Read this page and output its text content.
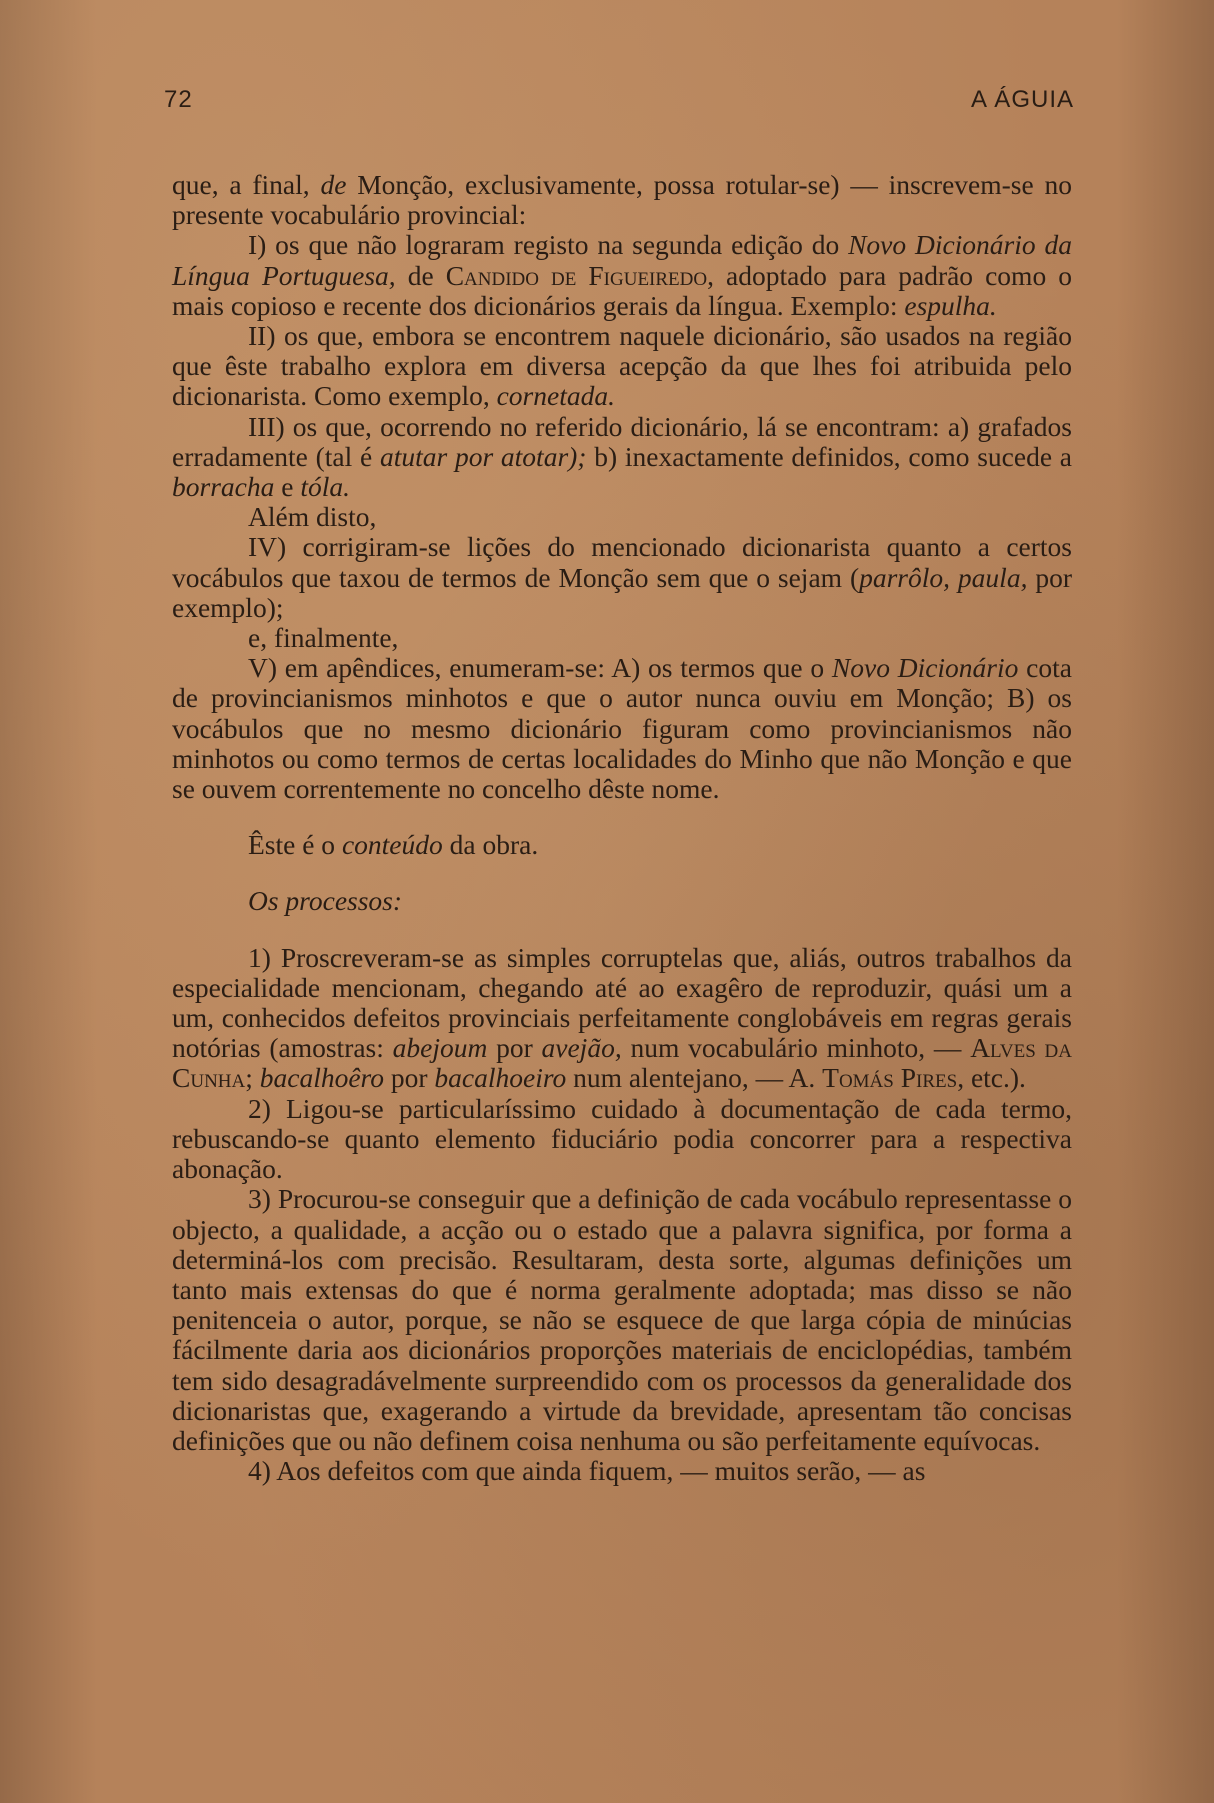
72	A ÁGUIA

que, a final, de Monção, exclusivamente, possa rotular-se) — inscrevem-se no presente vocabulário provincial:

I) os que não lograram registo na segunda edição do Novo Dicionário da Língua Portuguesa, de Candido de Figueiredo, adoptado para padrão como o mais copioso e recente dos dicionários gerais da língua. Exemplo: espulha.

II) os que, embora se encontrem naquele dicionário, são usados na região que êste trabalho explora em diversa acepção da que lhes foi atribuida pelo dicionarista. Como exemplo, cornetada.

III) os que, ocorrendo no referido dicionário, lá se encontram: a) grafados erradamente (tal é atutar por atotar); b) inexactamente definidos, como sucede a borracha e tóla.

Além disto,

IV) corrigiram-se lições do mencionado dicionarista quanto a certos vocábulos que taxou de termos de Monção sem que o sejam (parrôlo, paula, por exemplo);

e, finalmente,

V) em apêndices, enumeram-se: A) os termos que o Novo Dicionário cota de provincianismos minhotos e que o autor nunca ouviu em Monção; B) os vocábulos que no mesmo dicionário figuram como provincianismos não minhotos ou como termos de certas localidades do Minho que não Monção e que se ouvem correntemente no concelho dêste nome.

Êste é o conteúdo da obra.

Os processos:

1) Proscreveram-se as simples corruptelas que, aliás, outros trabalhos da especialidade mencionam, chegando até ao exagêro de reproduzir, quási um a um, conhecidos defeitos provinciais perfeitamente conglobáveis em regras gerais notórias (amostras: abejoum por avejão, num vocabulário minhoto, — Alves da Cunha; bacalhoêro por bacalhoeiro num alentejano, — A. Tomás Pires, etc.).

2) Ligou-se particularíssimo cuidado à documentação de cada termo, rebuscando-se quanto elemento fiduciário podia concorrer para a respectiva abonação.

3) Procurou-se conseguir que a definição de cada vocábulo representasse o objecto, a qualidade, a acção ou o estado que a palavra significa, por forma a determiná-los com precisão. Resultaram, desta sorte, algumas definições um tanto mais extensas do que é norma geralmente adoptada; mas disso se não penitenceia o autor, porque, se não se esquece de que larga cópia de minúcias fácilmente daria aos dicionários proporções materiais de enciclopédias, também tem sido desagradávelmente surpreendido com os processos da generalidade dos dicionaristas que, exagerando a virtude da brevidade, apresentam tão concisas definições que ou não definem coisa nenhuma ou são perfeitamente equívocas.

4) Aos defeitos com que ainda fiquem, — muitos serão, — as
